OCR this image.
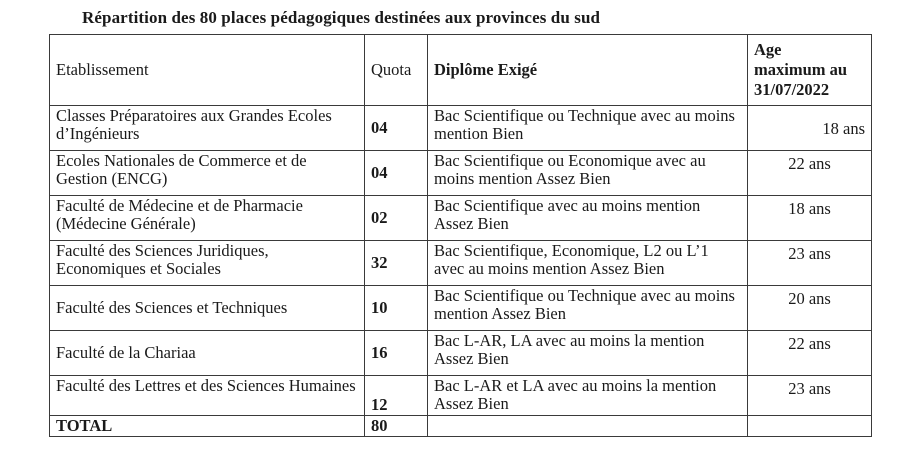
Répartition des 80 places pédagogiques destinées aux provinces du sud
Etablissement	Quota	Diplôme Exigé	Age
maximum au
31/07/2022

Classes Préparatoires aux Grandes Ecoles d’Ingénieurs	04	Bac Scientifique ou Technique avec au moins mention Bien	18 ans
Ecoles Nationales de Commerce et de Gestion (ENCG)	04	Bac Scientifique ou Economique avec au moins mention Assez Bien	22 ans
Faculté de Médecine et de Pharmacie (Médecine Générale)	02	Bac Scientifique avec au moins mention Assez Bien	18 ans
Faculté des Sciences Juridiques, Economiques et Sociales	32	Bac Scientifique, Economique, L2 ou L’1 avec au moins mention Assez Bien	23 ans
Faculté des Sciences et Techniques	10	Bac Scientifique ou Technique avec au moins mention Assez Bien	20 ans
Faculté de la Chariaa	16	Bac L-AR, LA avec au moins la mention Assez Bien	22 ans
Faculté des Lettres et des Sciences Humaines	12	Bac L-AR et LA avec au moins la mention Assez Bien	23 ans
TOTAL	80		
